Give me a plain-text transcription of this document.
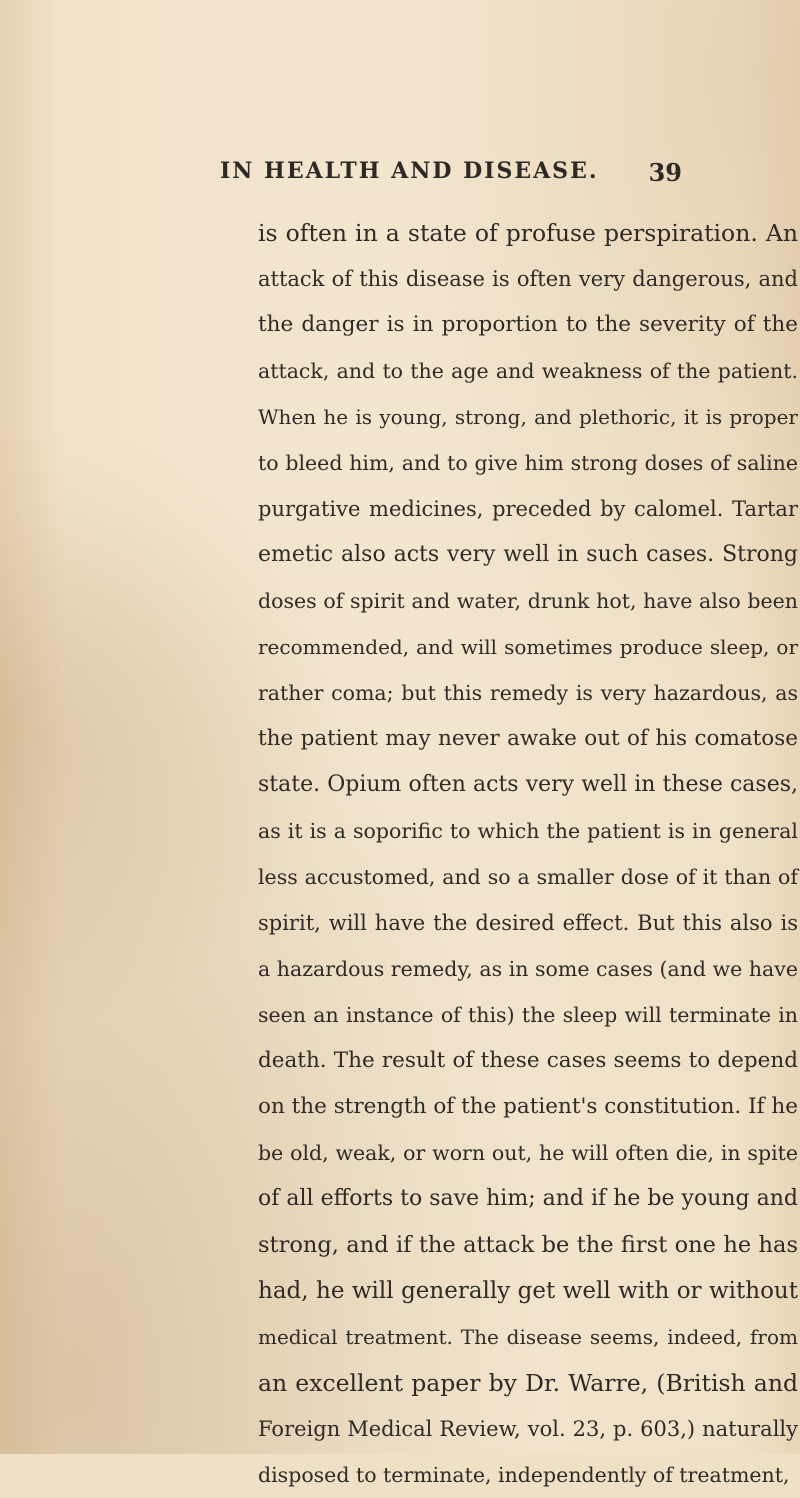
IN HEALTH AND DISEASE. 39
is often in a state of profuse perspiration. An
attack of this disease is often very dangerous, and
the danger is in proportion to the severity of the
attack, and to the age and weakness of the patient.
When he is young, strong, and plethoric, it is proper
to bleed him, and to give him strong doses of saline
purgative medicines, preceded by calomel. Tartar
emetic also acts very well in such cases. Strong
doses of spirit and water, drunk hot, have also been
recommended, and will sometimes produce sleep, or
rather coma; but this remedy is very hazardous, as
the patient may never awake out of his comatose
state. Opium often acts very well in these cases,
as it is a soporific to which the patient is in general
less accustomed, and so a smaller dose of it than of
spirit, will have the desired effect. But this also is
a hazardous remedy, as in some cases (and we have
seen an instance of this) the sleep will terminate in
death. The result of these cases seems to depend
on the strength of the patient's constitution. If he
be old, weak, or worn out, he will often die, in spite
of all efforts to save him; and if he be young and
strong, and if the attack be the first one he has
had, he will generally get well with or without
medical treatment. The disease seems, indeed, from
an excellent paper by Dr. Warre, (British and
Foreign Medical Review, vol. 23, p. 603,) naturally
disposed to terminate, independently of treatment,
